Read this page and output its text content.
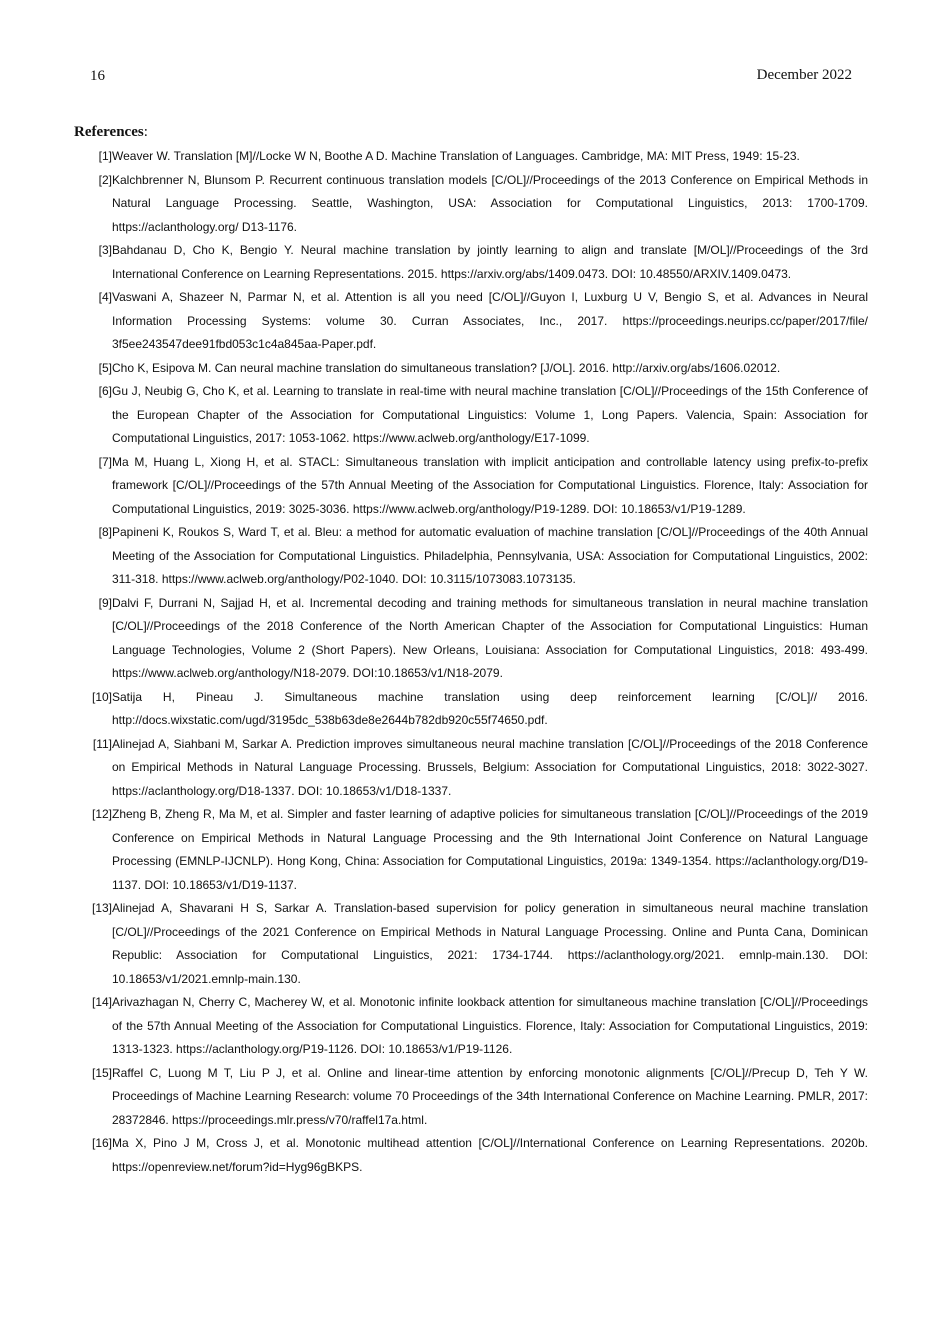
16	December 2022
References:
[1] Weaver W. Translation [M]//Locke W N, Boothe A D. Machine Translation of Languages. Cambridge, MA: MIT Press, 1949: 15-23.
[2] Kalchbrenner N, Blunsom P. Recurrent continuous translation models [C/OL]//Proceedings of the 2013 Conference on Empirical Methods in Natural Language Processing. Seattle, Washington, USA: Association for Computational Linguistics, 2013: 1700-1709. https://aclanthology.org/ D13-1176.
[3] Bahdanau D, Cho K, Bengio Y. Neural machine translation by jointly learning to align and translate [M/OL]//Proceedings of the 3rd International Conference on Learning Representations. 2015. https://arxiv.org/abs/1409.0473. DOI: 10.48550/ARXIV.1409.0473.
[4] Vaswani A, Shazeer N, Parmar N, et al. Attention is all you need [C/OL]//Guyon I, Luxburg U V, Bengio S, et al. Advances in Neural Information Processing Systems: volume 30. Curran Associates, Inc., 2017. https://proceedings.neurips.cc/paper/2017/file/ 3f5ee243547dee91fbd053c1c4a845aa-Paper.pdf.
[5] Cho K, Esipova M. Can neural machine translation do simultaneous translation? [J/OL]. 2016. http://arxiv.org/abs/1606.02012.
[6] Gu J, Neubig G, Cho K, et al. Learning to translate in real-time with neural machine translation [C/OL]//Proceedings of the 15th Conference of the European Chapter of the Association for Computational Linguistics: Volume 1, Long Papers. Valencia, Spain: Association for Computational Linguistics, 2017: 1053-1062. https://www.aclweb.org/anthology/E17-1099.
[7] Ma M, Huang L, Xiong H, et al. STACL: Simultaneous translation with implicit anticipation and controllable latency using prefix-to-prefix framework [C/OL]//Proceedings of the 57th Annual Meeting of the Association for Computational Linguistics. Florence, Italy: Association for Computational Linguistics, 2019: 3025-3036. https://www.aclweb.org/anthology/P19-1289. DOI: 10.18653/v1/P19-1289.
[8] Papineni K, Roukos S, Ward T, et al. Bleu: a method for automatic evaluation of machine translation [C/OL]//Proceedings of the 40th Annual Meeting of the Association for Computational Linguistics. Philadelphia, Pennsylvania, USA: Association for Computational Linguistics, 2002: 311-318. https://www.aclweb.org/anthology/P02-1040. DOI: 10.3115/1073083.1073135.
[9] Dalvi F, Durrani N, Sajjad H, et al. Incremental decoding and training methods for simultaneous translation in neural machine translation [C/OL]//Proceedings of the 2018 Conference of the North American Chapter of the Association for Computational Linguistics: Human Language Technologies, Volume 2 (Short Papers). New Orleans, Louisiana: Association for Computational Linguistics, 2018: 493-499. https://www.aclweb.org/anthology/N18-2079. DOI:10.18653/v1/N18-2079.
[10] Satija H, Pineau J. Simultaneous machine translation using deep reinforcement learning [C/OL]// 2016. http://docs.wixstatic.com/ugd/3195dc_538b63de8e2644b782db920c55f74650.pdf.
[11] Alinejad A, Siahbani M, Sarkar A. Prediction improves simultaneous neural machine translation [C/OL]//Proceedings of the 2018 Conference on Empirical Methods in Natural Language Processing. Brussels, Belgium: Association for Computational Linguistics, 2018: 3022-3027. https://aclanthology.org/D18-1337. DOI: 10.18653/v1/D18-1337.
[12] Zheng B, Zheng R, Ma M, et al. Simpler and faster learning of adaptive policies for simultaneous translation [C/OL]//Proceedings of the 2019 Conference on Empirical Methods in Natural Language Processing and the 9th International Joint Conference on Natural Language Processing (EMNLP-IJCNLP). Hong Kong, China: Association for Computational Linguistics, 2019a: 1349-1354. https://aclanthology.org/D19-1137. DOI: 10.18653/v1/D19-1137.
[13] Alinejad A, Shavarani H S, Sarkar A. Translation-based supervision for policy generation in simultaneous neural machine translation [C/OL]//Proceedings of the 2021 Conference on Empirical Methods in Natural Language Processing. Online and Punta Cana, Dominican Republic: Association for Computational Linguistics, 2021: 1734-1744. https://aclanthology.org/2021. emnlp-main.130. DOI: 10.18653/v1/2021.emnlp-main.130.
[14] Arivazhagan N, Cherry C, Macherey W, et al. Monotonic infinite lookback attention for simultaneous machine translation [C/OL]//Proceedings of the 57th Annual Meeting of the Association for Computational Linguistics. Florence, Italy: Association for Computational Linguistics, 2019: 1313-1323. https://aclanthology.org/P19-1126. DOI: 10.18653/v1/P19-1126.
[15] Raffel C, Luong M T, Liu P J, et al. Online and linear-time attention by enforcing monotonic alignments [C/OL]//Precup D, Teh Y W. Proceedings of Machine Learning Research: volume 70 Proceedings of the 34th International Conference on Machine Learning. PMLR, 2017: 28372846. https://proceedings.mlr.press/v70/raffel17a.html.
[16] Ma X, Pino J M, Cross J, et al. Monotonic multihead attention [C/OL]//International Conference on Learning Representations. 2020b. https://openreview.net/forum?id=Hyg96gBKPS.
